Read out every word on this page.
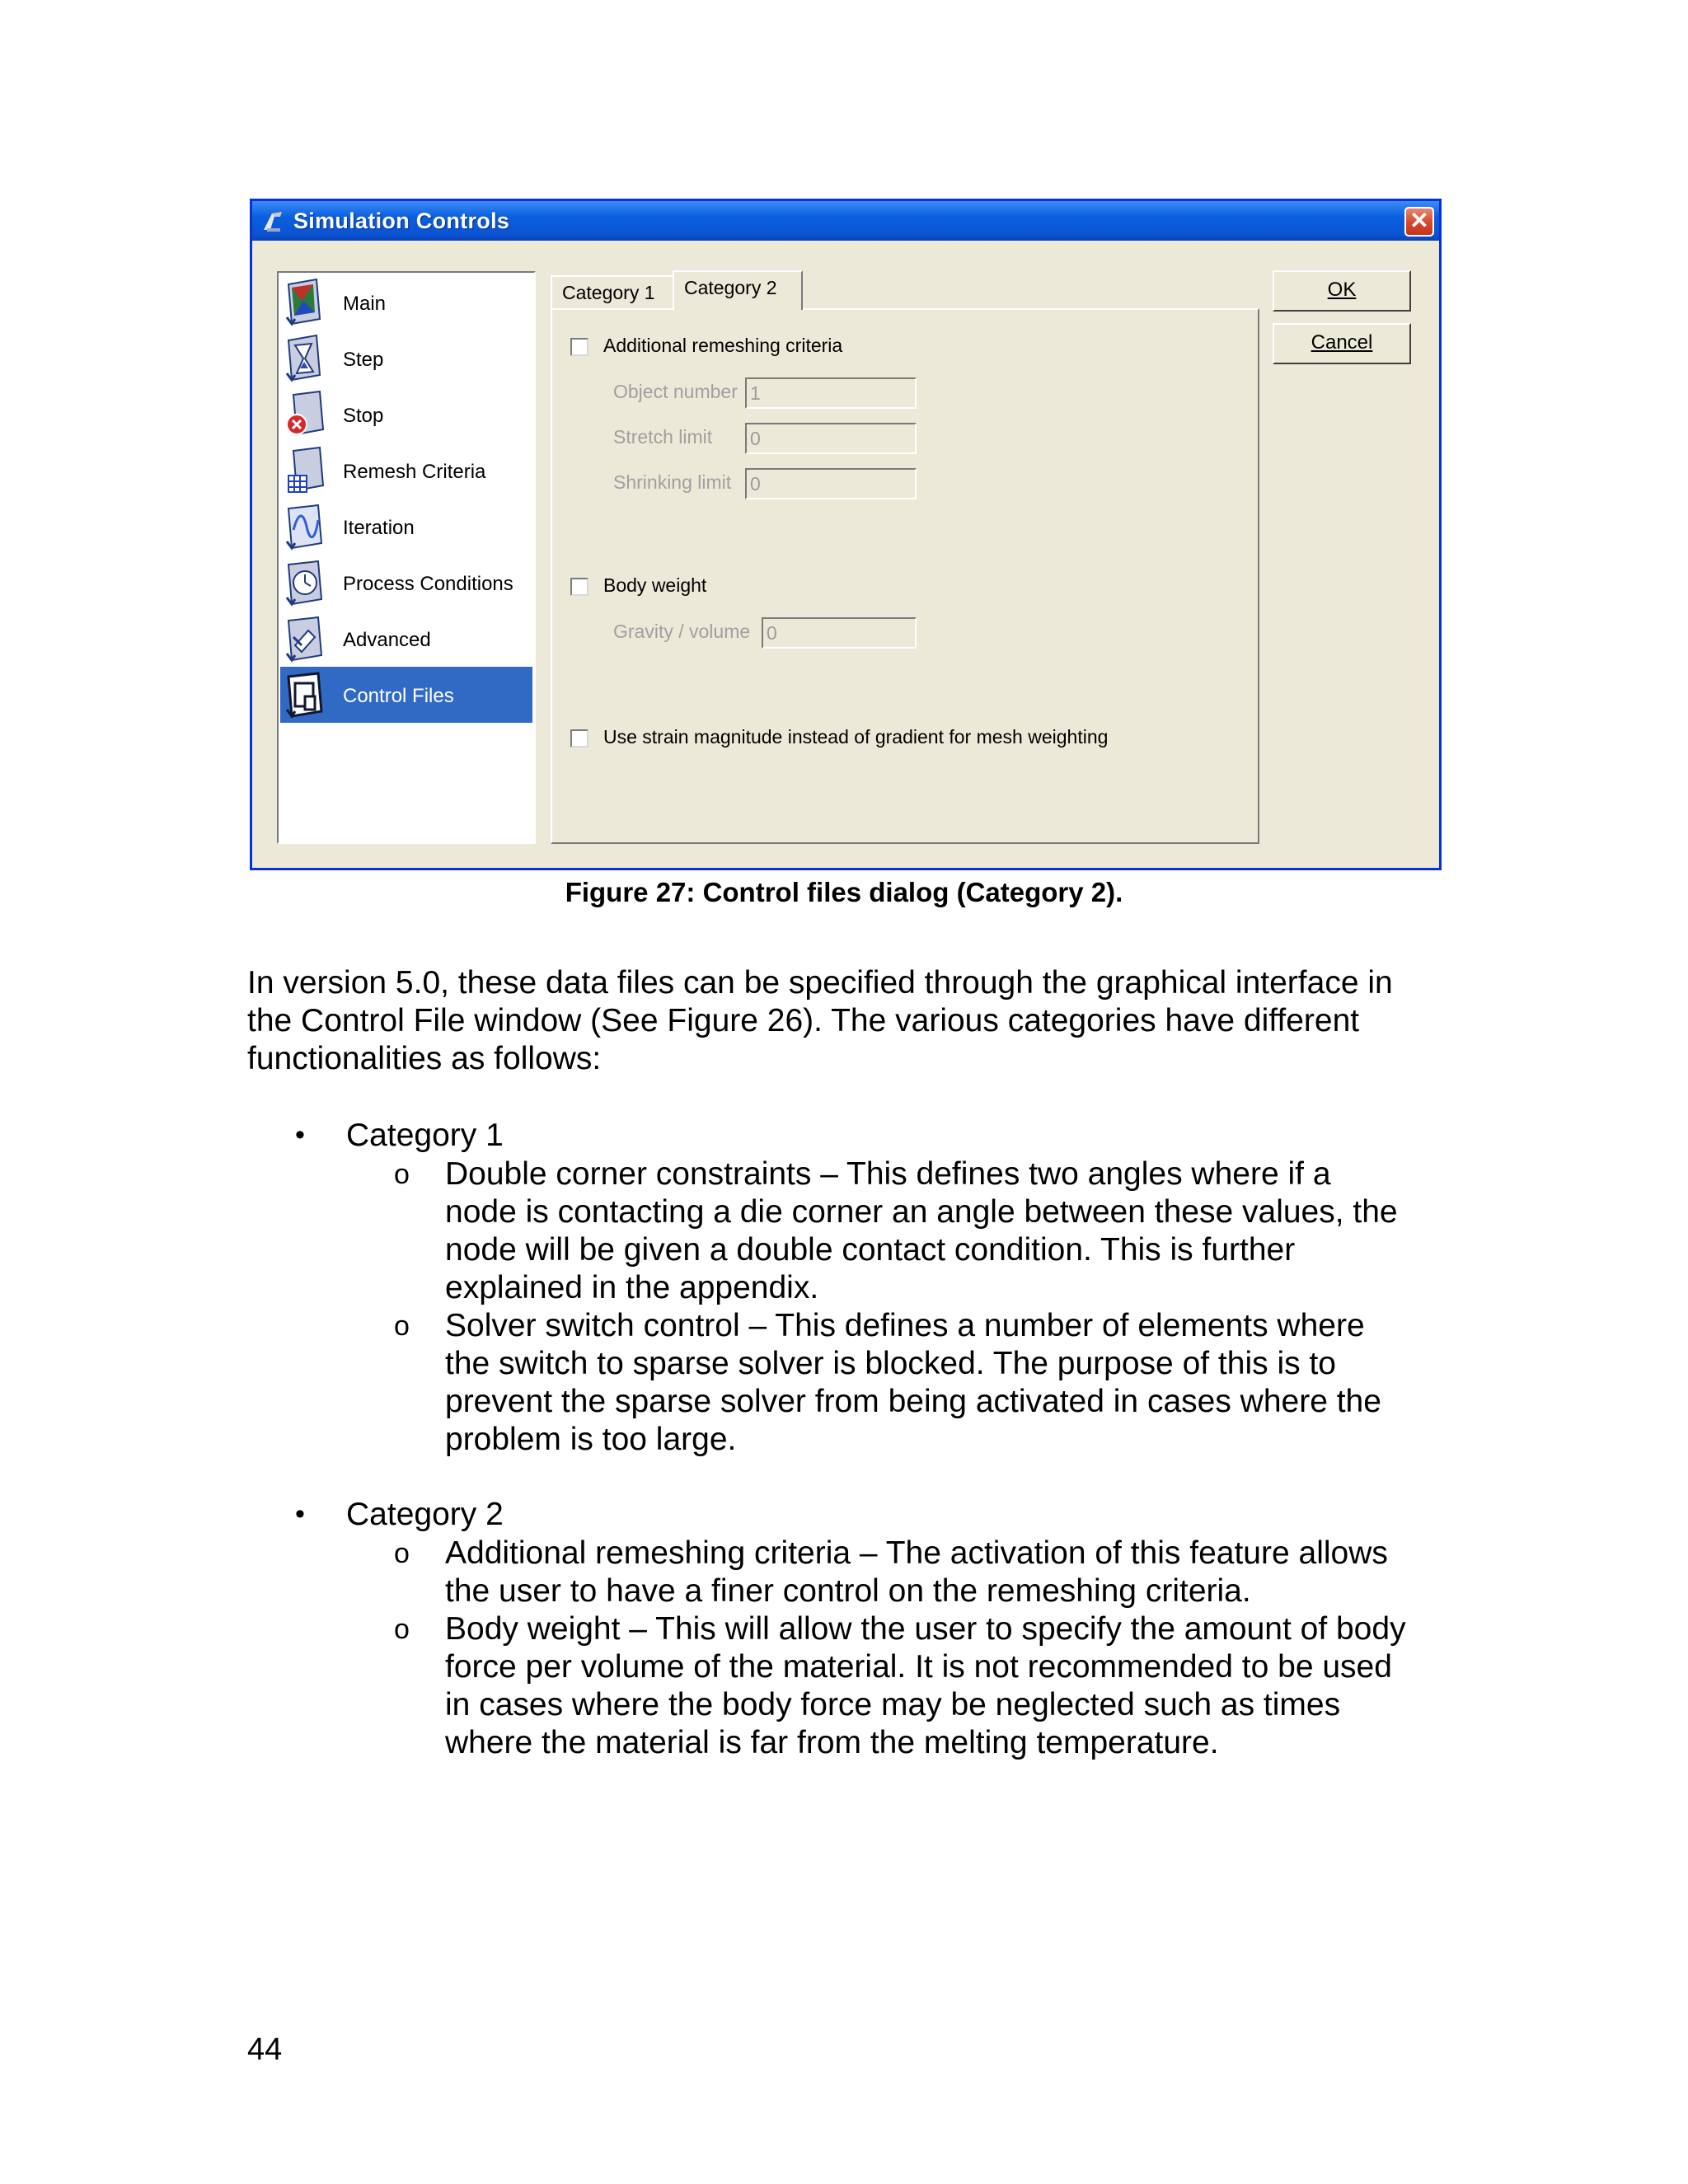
Simulation Controls	✕
Main
Step
Stop
Remesh Criteria
Iteration
Process Conditions
Advanced
Control Files
Category 1	Category 2
Additional remeshing criteria
Object number
1
Stretch limit
0
Shrinking limit
0
Body weight
Gravity / volume
0
Use strain magnitude instead of gradient for mesh weighting
OK
Cancel
Figure 27: Control files dialog (Category 2).
In version 5.0, these data files can be specified through the graphical interface in
the Control File window (See Figure 26). The various categories have different
functionalities as follows:
• Category 1
o Double corner constraints – This defines two angles where if a
node is contacting a die corner an angle between these values, the
node will be given a double contact condition. This is further
explained in the appendix.
o Solver switch control – This defines a number of elements where
the switch to sparse solver is blocked. The purpose of this is to
prevent the sparse solver from being activated in cases where the
problem is too large.
• Category 2
o Additional remeshing criteria – The activation of this feature allows
the user to have a finer control on the remeshing criteria.
o Body weight – This will allow the user to specify the amount of body
force per volume of the material. It is not recommended to be used
in cases where the body force may be neglected such as times
where the material is far from the melting temperature.
44
